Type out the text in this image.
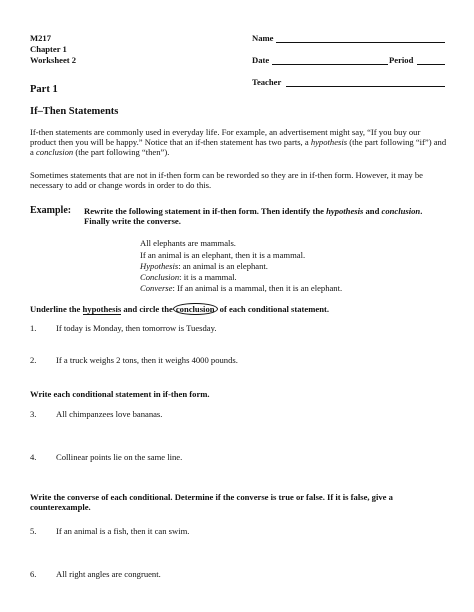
M217
Chapter 1
Worksheet 2
Name
Date	Period
Teacher
Part 1
If–Then Statements
If-then statements are commonly used in everyday life. For example, an advertisement might say, “If you buy our product then you will be happy.” Notice that an if-then statement has two parts, a hypothesis (the part following “if”) and a conclusion (the part following “then”).
Sometimes statements that are not in if-then form can be reworded so they are in if-then form. However, it may be necessary to add or change words in order to do this.
Example: Rewrite the following statement in if-then form. Then identify the hypothesis and conclusion. Finally write the converse.
All elephants are mammals.
If an animal is an elephant, then it is a mammal.
Hypothesis: an animal is an elephant.
Conclusion: it is a mammal.
Converse: If an animal is a mammal, then it is an elephant.
Underline the hypothesis and circle the conclusion of each conditional statement.
1.	If today is Monday, then tomorrow is Tuesday.
2.	If a truck weighs 2 tons, then it weighs 4000 pounds.
Write each conditional statement in if-then form.
3.	All chimpanzees love bananas.
4.	Collinear points lie on the same line.
Write the converse of each conditional. Determine if the converse is true or false. If it is false, give a counterexample.
5.	If an animal is a fish, then it can swim.
6.	All right angles are congruent.
